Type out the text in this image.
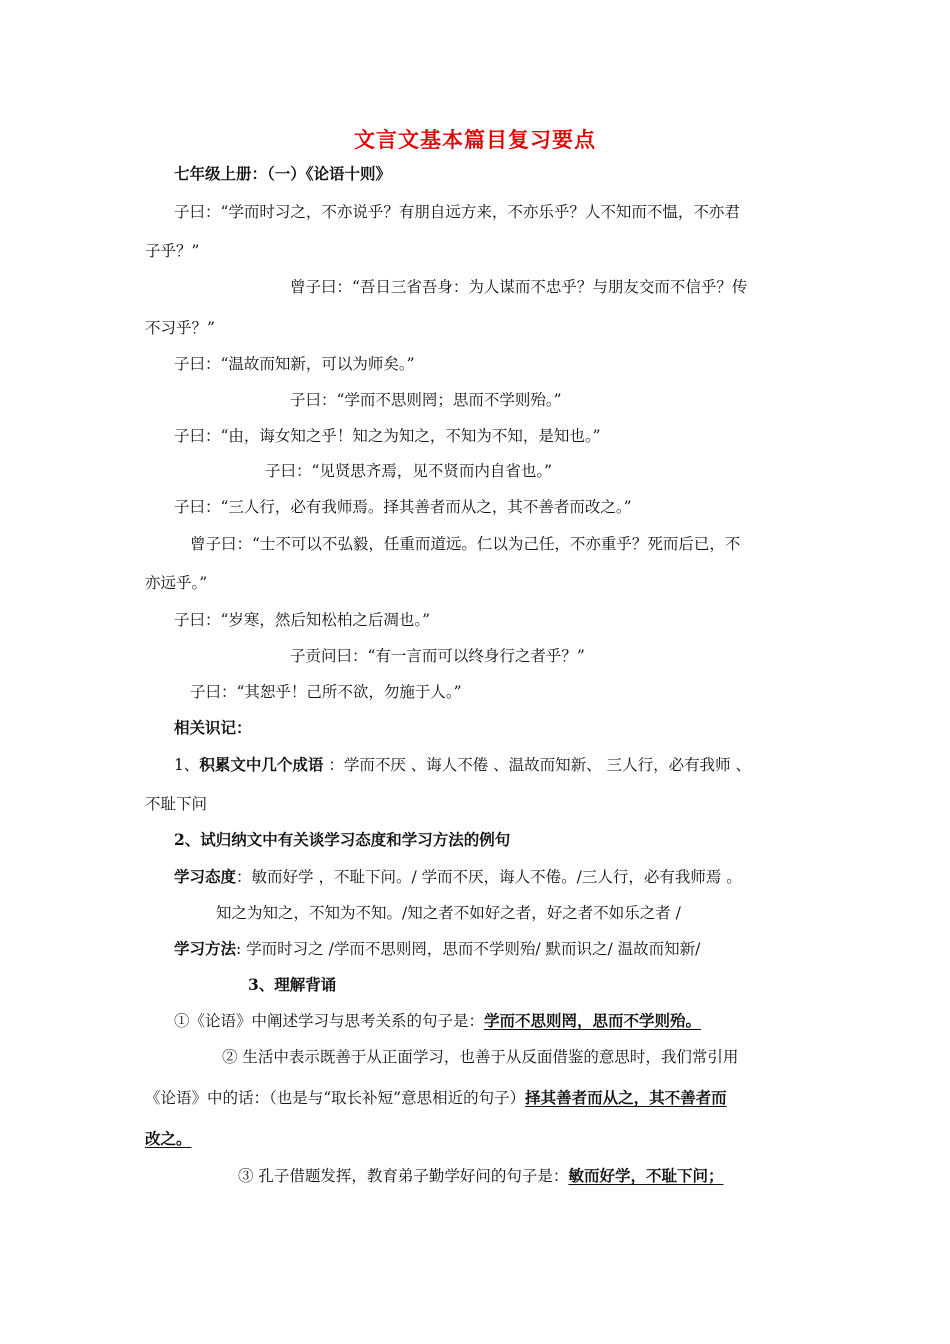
文言文基本篇目复习要点
七年级上册：（一）《论语十则》
子曰：“学而时习之，不亦说乎？有朋自远方来，不亦乐乎？人不知而不愠，不亦君
子乎？”
曾子曰：“吾日三省吾身：为人谋而不忠乎？与朋友交而不信乎？传
不习乎？”
子曰：“温故而知新，可以为师矣。”
子曰：“学而不思则罔；思而不学则殆。”
子曰：“由，诲女知之乎！知之为知之，不知为不知，是知也。”
子曰：“见贤思齐焉，见不贤而内自省也。”
子曰：“三人行，必有我师焉。择其善者而从之，其不善者而改之。”
曾子曰：“士不可以不弘毅，任重而道远。仁以为己任，不亦重乎？死而后已，不
亦远乎。”
子曰：“岁寒，然后知松柏之后凋也。”
子贡问曰：“有一言而可以终身行之者乎？”
子曰：“其恕乎！己所不欲，勿施于人。”
相关识记：
1、积累文中几个成语 ：学而不厌 、诲人不倦 、温故而知新、 三人行，必有我师 、
不耻下问
2、试归纳文中有关谈学习态度和学习方法的例句
学习态度：敏而好学 ，不耻下问。/ 学而不厌，诲人不倦。/三人行，必有我师焉 。
知之为知之，不知为不知。/知之者不如好之者，好之者不如乐之者 /
学习方法: 学而时习之 /学而不思则罔，思而不学则殆/ 默而识之/ 温故而知新/
3、理解背诵
①《论语》中阐述学习与思考关系的句子是：学而不思则罔，思而不学则殆。
② 生活中表示既善于从正面学习，也善于从反面借鉴的意思时，我们常引用
《论语》中的话：（也是与“取长补短”意思相近的句子）择其善者而从之，其不善者而
改之。
③ 孔子借题发挥，教育弟子勤学好问的句子是：敏而好学，不耻下问；
